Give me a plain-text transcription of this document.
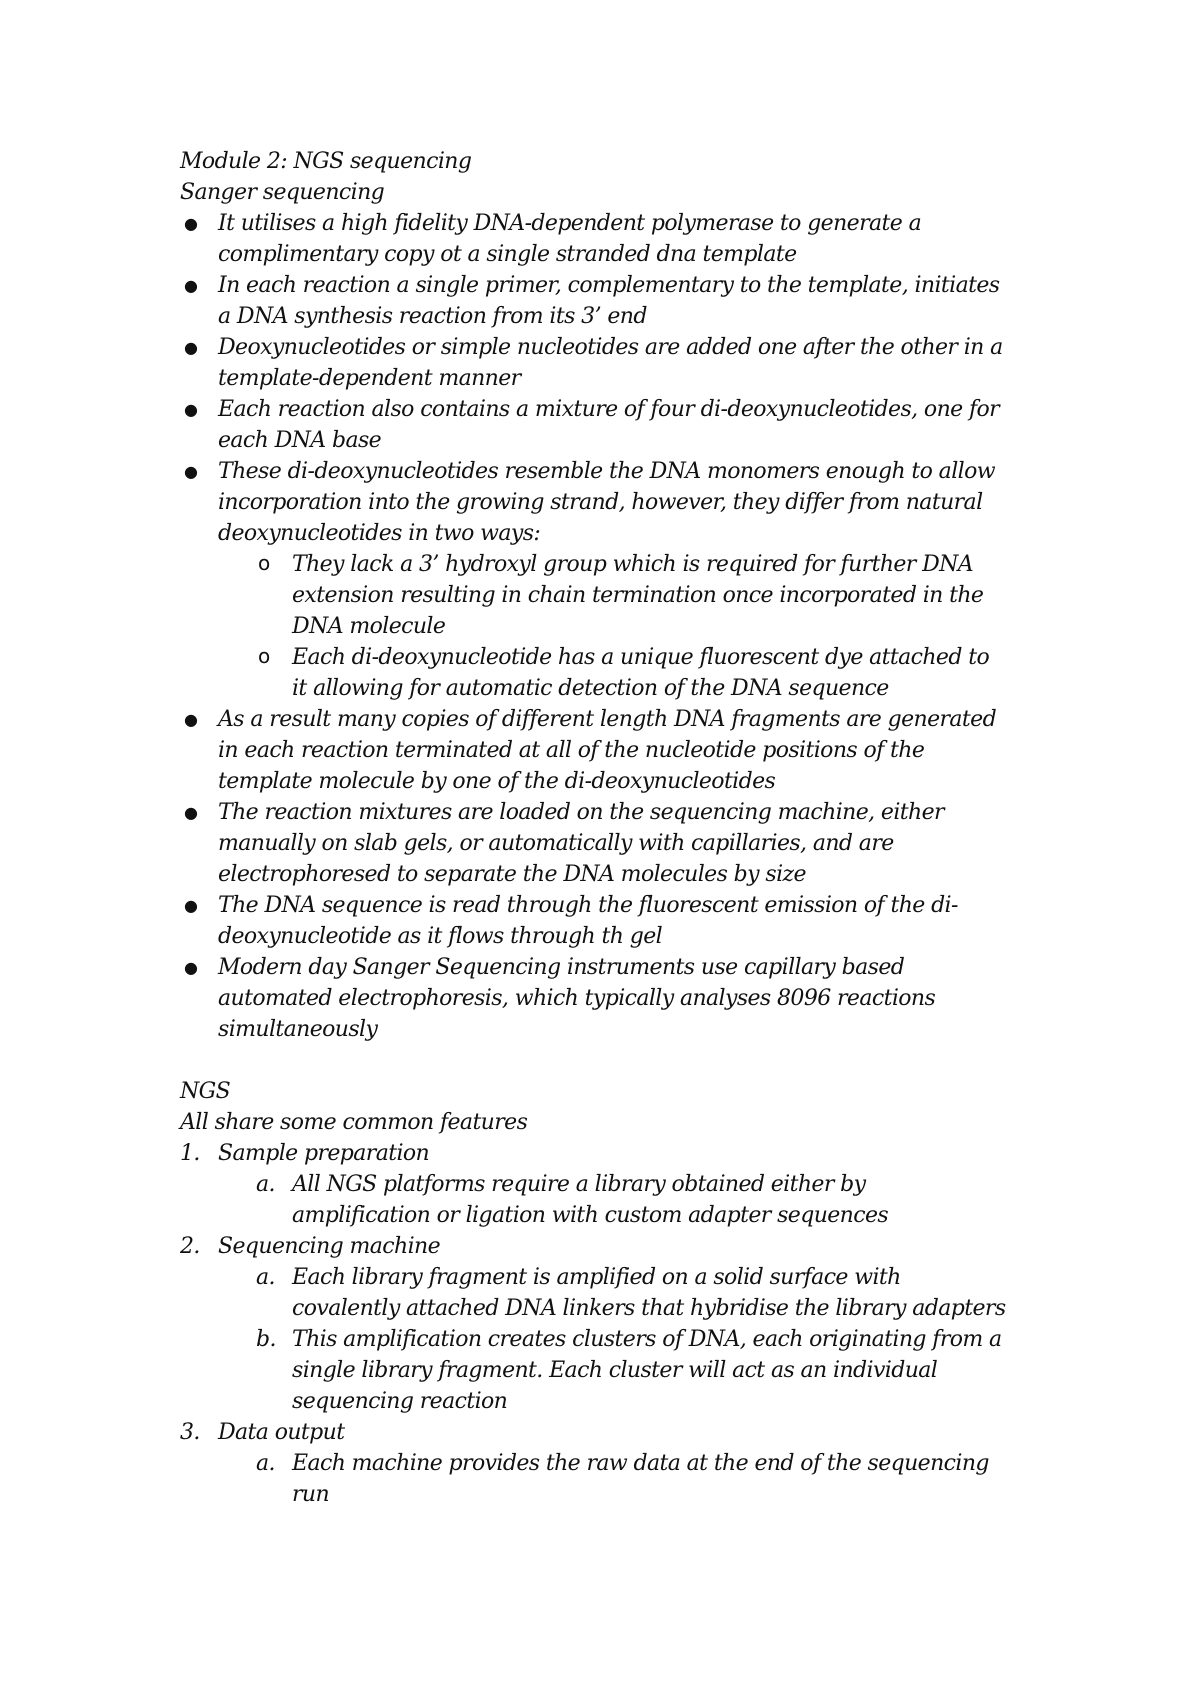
Module 2: NGS sequencing
Sanger sequencing
● It utilises a high fidelity DNA-dependent polymerase to generate a
complimentary copy ot a single stranded dna template
● In each reaction a single primer, complementary to the template, initiates
a DNA synthesis reaction from its 3’ end
● Deoxynucleotides or simple nucleotides are added one after the other in a
template-dependent manner
● Each reaction also contains a mixture of four di-deoxynucleotides, one for
each DNA base
● These di-deoxynucleotides resemble the DNA monomers enough to allow
incorporation into the growing strand, however, they differ from natural
deoxynucleotides in two ways:
o They lack a 3’ hydroxyl group which is required for further DNA
extension resulting in chain termination once incorporated in the
DNA molecule
o Each di-deoxynucleotide has a unique fluorescent dye attached to
it allowing for automatic detection of the DNA sequence
● As a result many copies of different length DNA fragments are generated
in each reaction terminated at all of the nucleotide positions of the
template molecule by one of the di-deoxynucleotides
● The reaction mixtures are loaded on the sequencing machine, either
manually on slab gels, or automatically with capillaries, and are
electrophoresed to separate the DNA molecules by size
● The DNA sequence is read through the fluorescent emission of the di-
deoxynucleotide as it flows through th gel
● Modern day Sanger Sequencing instruments use capillary based
automated electrophoresis, which typically analyses 8096 reactions
simultaneously
NGS
All share some common features
1. Sample preparation
a. All NGS platforms require a library obtained either by
amplification or ligation with custom adapter sequences
2. Sequencing machine
a. Each library fragment is amplified on a solid surface with
covalently attached DNA linkers that hybridise the library adapters
b. This amplification creates clusters of DNA, each originating from a
single library fragment. Each cluster will act as an individual
sequencing reaction
3. Data output
a. Each machine provides the raw data at the end of the sequencing
run
